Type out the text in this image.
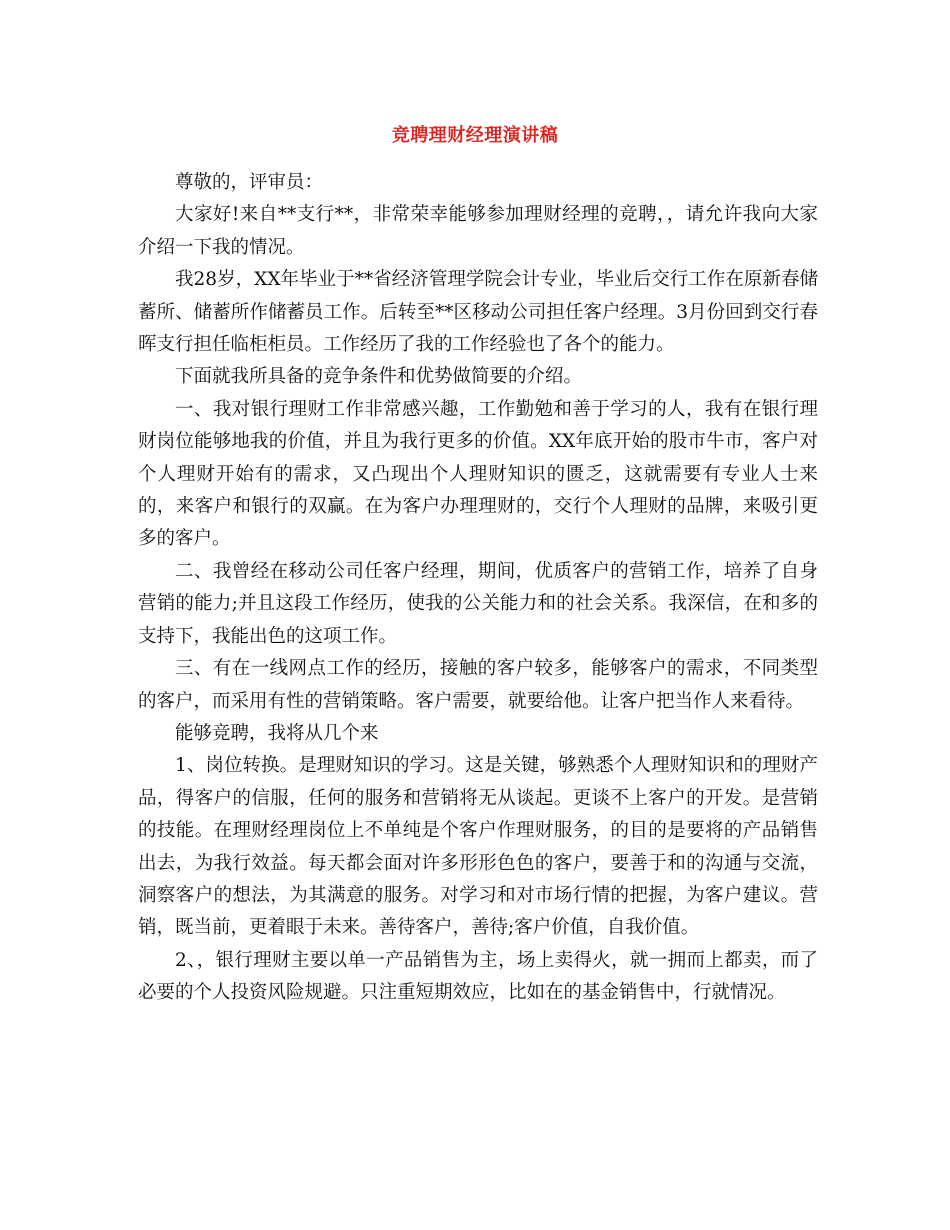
竞聘理财经理演讲稿

尊敬的，评审员：

大家好!来自**支行**，非常荣幸能够参加理财经理的竞聘，，请允许我向大家介绍一下我的情况。

我28岁，XX年毕业于**省经济管理学院会计专业，毕业后交行工作在原新春储蓄所、储蓄所作储蓄员工作。后转至**区移动公司担任客户经理。3月份回到交行春晖支行担任临柜柜员。工作经历了我的工作经验也了各个的能力。

下面就我所具备的竞争条件和优势做简要的介绍。

一、我对银行理财工作非常感兴趣，工作勤勉和善于学习的人，我有在银行理财岗位能够地我的价值，并且为我行更多的价值。XX年底开始的股市牛市，客户对个人理财开始有的需求，又凸现出个人理财知识的匮乏，这就需要有专业人士来的，来客户和银行的双赢。在为客户办理理财的，交行个人理财的品牌，来吸引更多的客户。

二、我曾经在移动公司任客户经理，期间，优质客户的营销工作，培养了自身营销的能力;并且这段工作经历，使我的公关能力和的社会关系。我深信，在和多的支持下，我能出色的这项工作。

三、有在一线网点工作的经历，接触的客户较多，能够客户的需求，不同类型的客户，而采用有性的营销策略。客户需要，就要给他。让客户把当作人来看待。

能够竞聘，我将从几个来

1、岗位转换。是理财知识的学习。这是关键，够熟悉个人理财知识和的理财产品，得客户的信服，任何的服务和营销将无从谈起。更谈不上客户的开发。是营销的技能。在理财经理岗位上不单纯是个客户作理财服务，的目的是要将的产品销售出去，为我行效益。每天都会面对许多形形色色的客户，要善于和的沟通与交流，洞察客户的想法，为其满意的服务。对学习和对市场行情的把握，为客户建议。营销，既当前，更着眼于未来。善待客户，善待;客户价值，自我价值。

2、，银行理财主要以单一产品销售为主，场上卖得火，就一拥而上都卖，而了必要的个人投资风险规避。只注重短期效应，比如在的基金销售中，行就情况。
